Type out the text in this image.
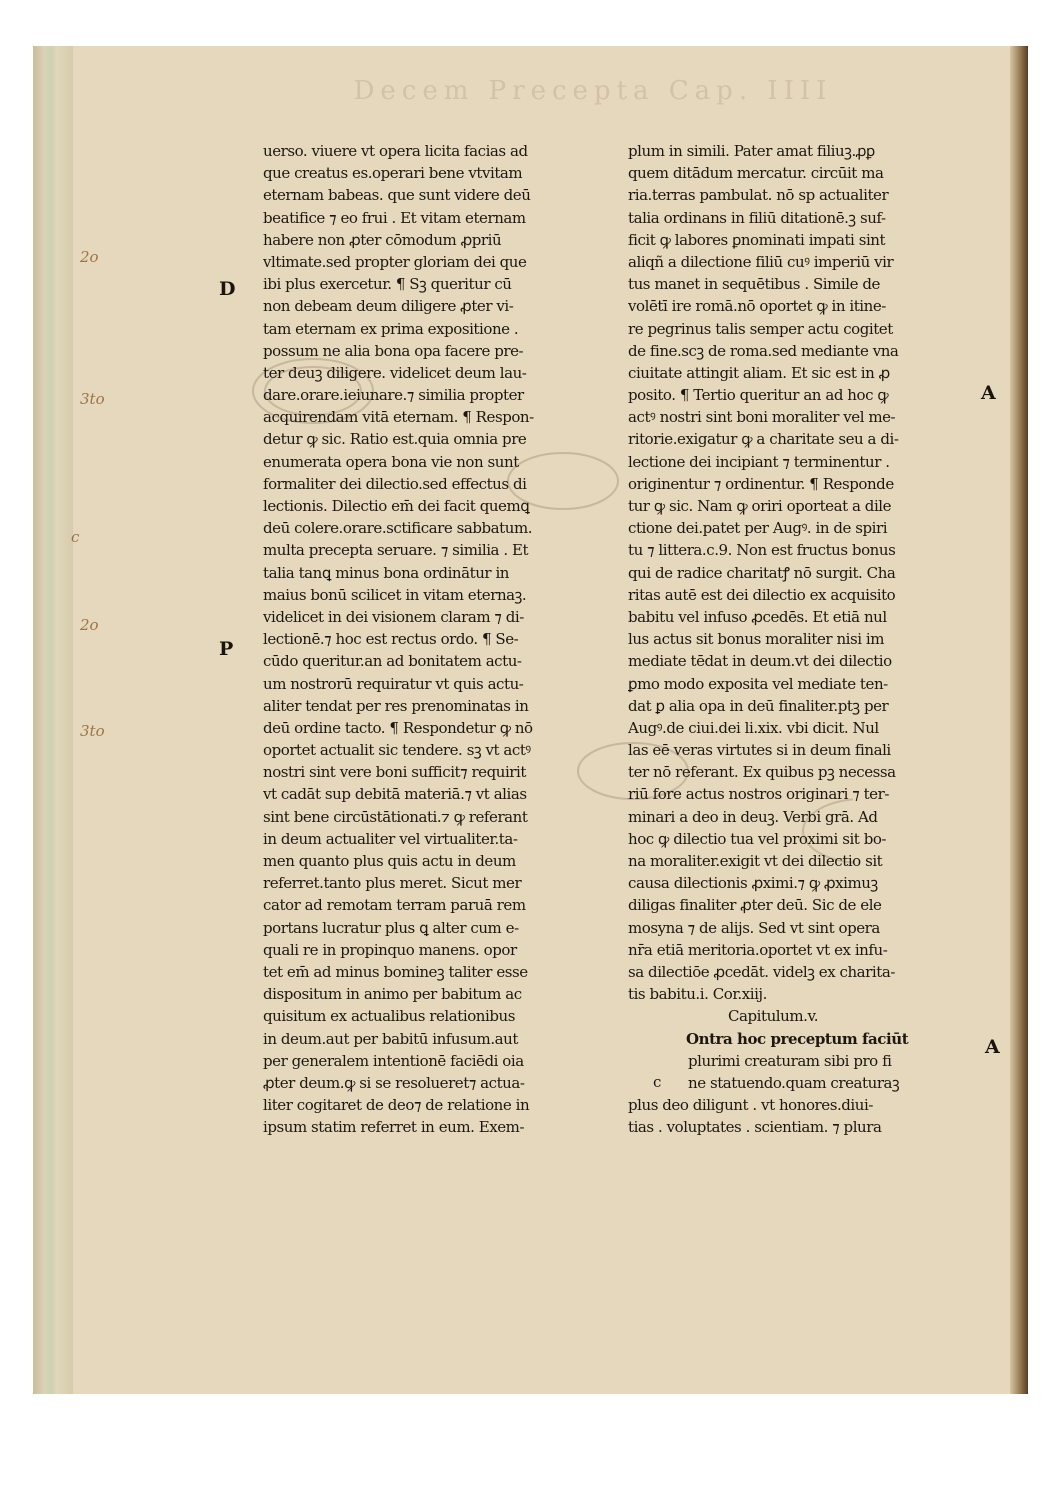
Decem Precepta Cap. IIII
uerso. viuere vt opera licita facias ad
que creatus es.operari bene vtvitam
eternam babeas. que sunt videre deū
beatifice ⁊ eo frui . Et vitam eternam
habere non ꝓter cōmodum ꝓpriū
vltimate.sed propter gloriam dei que
ibi plus exercetur. ¶ Sꝫ queritur cū
non debeam deum diligere ꝓter vi-
tam eternam ex prima expositione .
possum ne alia bona opa facere pre-
ter deuꝫ diligere. videlicet deum lau-
dare.orare.ieiunare.⁊ similia propter
acquirendam vitā eternam. ¶ Respon-
detur ꝙ sic. Ratio est.quia omnia pre
enumerata opera bona vie non sunt
formaliter dei dilectio.sed effectus di
lectionis. Dilectio em̄ dei facit quemꝗ
deū colere.orare.sctificare sabbatum.
multa precepta seruare. ⁊ similia . Et
talia tanꝗ minus bona ordinātur in
maius bonū scilicet in vitam eternaꝫ.
videlicet in dei visionem claram ⁊ di-
lectionē.⁊ hoc est rectus ordo. ¶ Se-
cūdo queritur.an ad bonitatem actu-
um nostrorū requiratur vt quis actu-
aliter tendat per res prenominatas in
deū ordine tacto. ¶ Respondetur ꝙ nō
oportet actualit sic tendere. sꝫ vt actꝰ
nostri sint vere boni sufficit⁊ requirit
vt cadāt sup debitā materiā.⁊ vt alias
sint bene circūstātionati.⁊ ꝙ referant
in deum actualiter vel virtualiter.ta-
men quanto plus quis actu in deum
referret.tanto plus meret. Sicut mer
cator ad remotam terram paruā rem
portans lucratur plus ꝗ alter cum e-
quali re in propinquo manens. opor
tet em̄ ad minus bomineꝫ taliter esse
dispositum in animo per babitum ac
quisitum ex actualibus relationibus
in deum.aut per babitū infusum.aut
per generalem intentionē faciēdi oia
ꝓter deum.ꝙ si se resolueret⁊ actua-
liter cogitaret de deo⁊ de relatione in
ipsum statim referret in eum. Exem-
plum in simili. Pater amat filiuꝫ.ꝓꝑ
quem ditādum mercatur. circūit ma
ria.terras pambulat. nō sp actualiter
talia ordinans in filiū ditationē.ꝫ suf-
ficit ꝙ labores ꝑnominati impati sint
aliqñ a dilectione filiū cuꝰ imperiū vir
tus manet in sequētibus . Simile de
volētī ire romā.nō oportet ꝙ in itine-
re pegrinus talis semper actu cogitet
de fine.scꝫ de roma.sed mediante vna
ciuitate attingit aliam. Et sic est in ꝓ
posito. ¶ Tertio queritur an ad hoc ꝙ
actꝰ nostri sint boni moraliter vel me-
ritorie.exigatur ꝙ a charitate seu a di-
lectione dei incipiant ⁊ terminentur .
originentur ⁊ ordinentur. ¶ Responde
tur ꝙ sic. Nam ꝙ oriri oporteat a dile
ctione dei.patet per Augꝰ. in de spiri
tu ⁊ littera.c.9. Non est fructus bonus
qui de radice charitatꝭ nō surgit. Cha
ritas autē est dei dilectio ex acquisito
babitu vel infuso ꝓcedēs. Et etiā nul
lus actus sit bonus moraliter nisi im
mediate tēdat in deum.vt dei dilectio
ꝑmo modo exposita vel mediate ten-
dat ꝑ alia opa in deū finaliter.ptꝫ per
Augꝰ.de ciui.dei li.xix. vbi dicit. Nul
las eē veras virtutes si in deum finali
ter nō referant. Ex quibus pꝫ necessa
riū fore actus nostros originari ⁊ ter-
minari a deo in deuꝫ. Verbi grā. Ad
hoc ꝙ dilectio tua vel proximi sit bo-
na moraliter.exigit vt dei dilectio sit
causa dilectionis ꝓximi.⁊ ꝙ ꝓximuꝫ
diligas finaliter ꝓter deū. Sic de ele
mosyna ⁊ de alijs. Sed vt sint opera
nr̄a etiā meritoria.oportet vt ex infu-
sa dilectiōe ꝓcedāt. videlꝫ ex charita-
tis babitu.i. Cor.xiij.
Capitulum.v.
Ontra hoc preceptum faciūt
plurimi creaturam sibi pro fi
ne statuendo.quam creaturaꝫ
plus deo diligunt . vt honores.diui-
tias . voluptates . scientiam. ⁊ plura
D
P
A
A
c
2o
3to
c
2o
3to
